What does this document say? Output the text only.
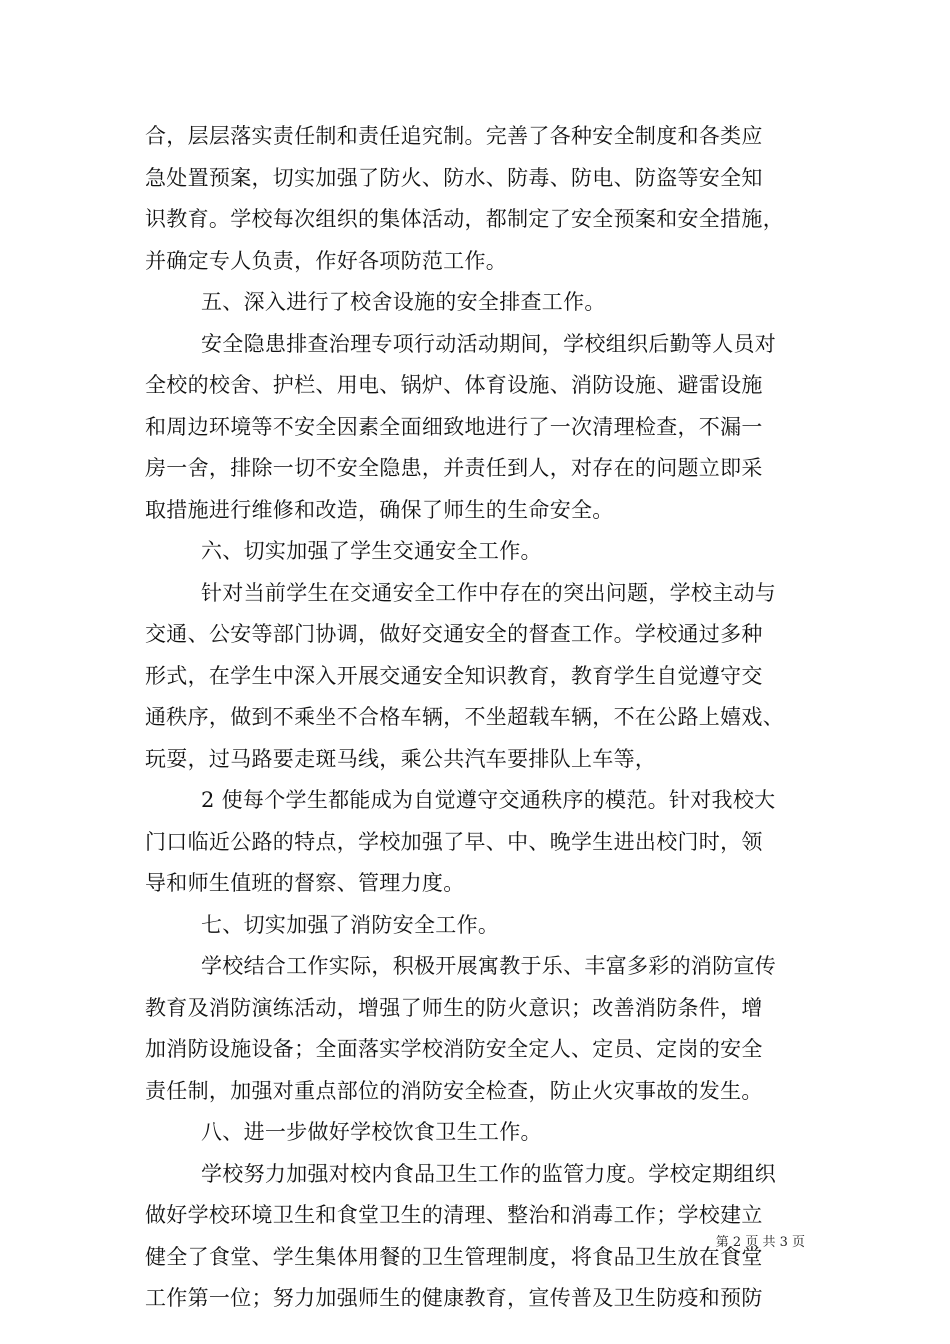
合，层层落实责任制和责任追究制。完善了各种安全制度和各类应
急处置预案，切实加强了防火、防水、防毒、防电、防盗等安全知
识教育。学校每次组织的集体活动，都制定了安全预案和安全措施，
并确定专人负责，作好各项防范工作。
五、深入进行了校舍设施的安全排查工作。
安全隐患排查治理专项行动活动期间，学校组织后勤等人员对
全校的校舍、护栏、用电、锅炉、体育设施、消防设施、避雷设施
和周边环境等不安全因素全面细致地进行了一次清理检查，不漏一
房一舍，排除一切不安全隐患，并责任到人，对存在的问题立即采
取措施进行维修和改造，确保了师生的生命安全。
六、切实加强了学生交通安全工作。
针对当前学生在交通安全工作中存在的突出问题，学校主动与
交通、公安等部门协调，做好交通安全的督查工作。学校通过多种
形式，在学生中深入开展交通安全知识教育，教育学生自觉遵守交
通秩序，做到不乘坐不合格车辆，不坐超载车辆，不在公路上嬉戏、
玩耍，过马路要走斑马线，乘公共汽车要排队上车等，
2 使每个学生都能成为自觉遵守交通秩序的模范。针对我校大
门口临近公路的特点，学校加强了早、中、晚学生进出校门时，领
导和师生值班的督察、管理力度。
七、切实加强了消防安全工作。
学校结合工作实际，积极开展寓教于乐、丰富多彩的消防宣传
教育及消防演练活动，增强了师生的防火意识；改善消防条件，增
加消防设施设备；全面落实学校消防安全定人、定员、定岗的安全
责任制，加强对重点部位的消防安全检查，防止火灾事故的发生。
八、进一步做好学校饮食卫生工作。
学校努力加强对校内食品卫生工作的监管力度。学校定期组织
做好学校环境卫生和食堂卫生的清理、整治和消毒工作；学校建立
健全了食堂、学生集体用餐的卫生管理制度，将食品卫生放在食堂
工作第一位；努力加强师生的健康教育，宣传普及卫生防疫和预防
第 2 页 共 3 页
